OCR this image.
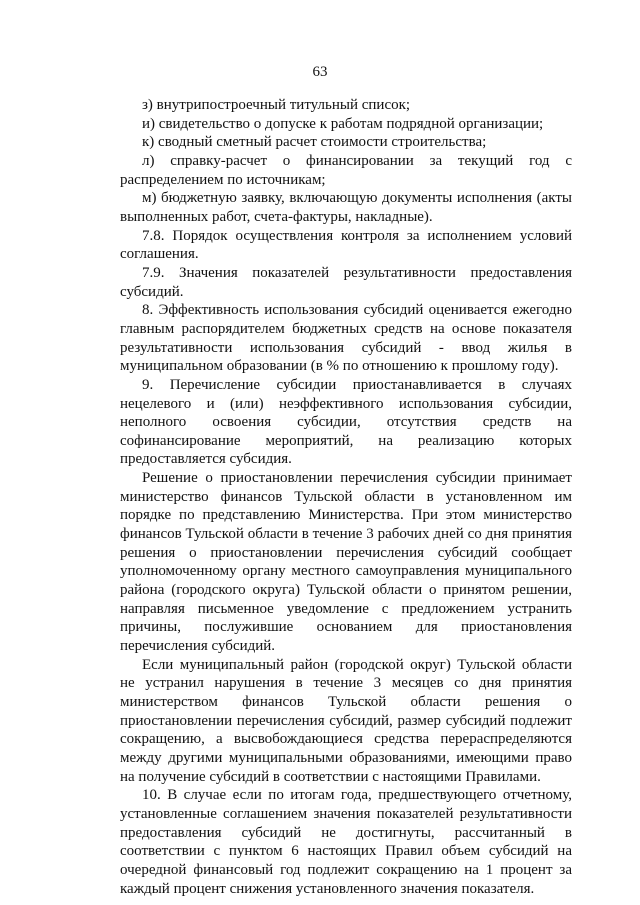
63

з) внутрипостроечный титульный список;

и) свидетельство о допуске к работам подрядной организации;

к) сводный сметный расчет стоимости строительства;

л) справку-расчет о финансировании за текущий год с распределением по источникам;

м) бюджетную заявку, включающую документы исполнения (акты выполненных работ, счета-фактуры, накладные).

7.8. Порядок осуществления контроля за исполнением условий соглашения.

7.9. Значения показателей результативности предоставления субсидий.

8. Эффективность использования субсидий оценивается ежегодно главным распорядителем бюджетных средств на основе показателя результативности использования субсидий - ввод жилья в муниципальном образовании (в % по отношению к прошлому году).

9. Перечисление субсидии приостанавливается в случаях нецелевого и (или) неэффективного использования субсидии, неполного освоения субсидии, отсутствия средств на софинансирование мероприятий, на реализацию которых предоставляется субсидия.

Решение о приостановлении перечисления субсидии принимает министерство финансов Тульской области в установленном им порядке по представлению Министерства. При этом министерство финансов Тульской области в течение 3 рабочих дней со дня принятия решения о приостановлении перечисления субсидий сообщает уполномоченному органу местного самоуправления муниципального района (городского округа) Тульской области о принятом решении, направляя письменное уведомление с предложением устранить причины, послужившие основанием для приостановления перечисления субсидий.

Если муниципальный район (городской округ) Тульской области не устранил нарушения в течение 3 месяцев со дня принятия министерством финансов Тульской области решения о приостановлении перечисления субсидий, размер субсидий подлежит сокращению, а высвобождающиеся средства перераспределяются между другими муниципальными образованиями, имеющими право на получение субсидий в соответствии с настоящими Правилами.

10. В случае если по итогам года, предшествующего отчетному, установленные соглашением значения показателей результативности предоставления субсидий не достигнуты, рассчитанный в соответствии с пунктом 6 настоящих Правил объем субсидий на очередной финансовый год подлежит сокращению на 1 процент за каждый процент снижения установленного значения показателя.
